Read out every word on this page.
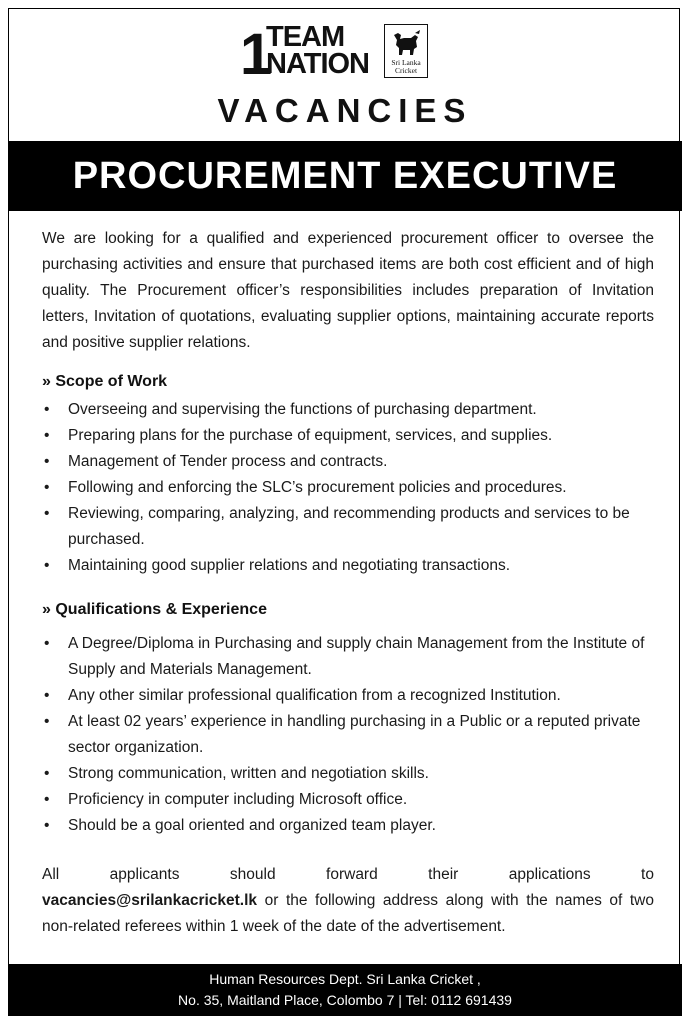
1
TEAM
NATION	Sri Lanka
Cricket
VACANCIES
PROCUREMENT EXECUTIVE
We are looking for a qualified and experienced procurement officer to oversee the purchasing activities and ensure that purchased items are both cost efficient and of high quality. The Procurement officer’s responsibilities includes preparation of Invitation letters, Invitation of quotations, evaluating supplier options, maintaining accurate reports and positive supplier relations.
» Scope of Work
• Overseeing and supervising the functions of purchasing department.
• Preparing plans for the purchase of equipment, services, and supplies.
• Management of Tender process and contracts.
• Following and enforcing the SLC’s procurement policies and procedures.
• Reviewing, comparing, analyzing, and recommending products and services to be purchased.
• Maintaining good supplier relations and negotiating transactions.
» Qualifications & Experience
• A Degree/Diploma in Purchasing and supply chain Management from the Institute of Supply and Materials Management.
• Any other similar professional qualification from a recognized Institution.
• At least 02 years’ experience in handling purchasing in a Public or a reputed private sector organization.
• Strong communication, written and negotiation skills.
• Proficiency in computer including Microsoft office.
• Should be a goal oriented and organized team player.
All	applicants	should	forward	their	applications	to
vacancies@srilankacricket.lk or the following address along with the names of two non-related referees within 1 week of the date of the advertisement.
Human Resources Dept. Sri Lanka Cricket ,
No. 35, Maitland Place, Colombo 7 | Tel: 0112 691439
